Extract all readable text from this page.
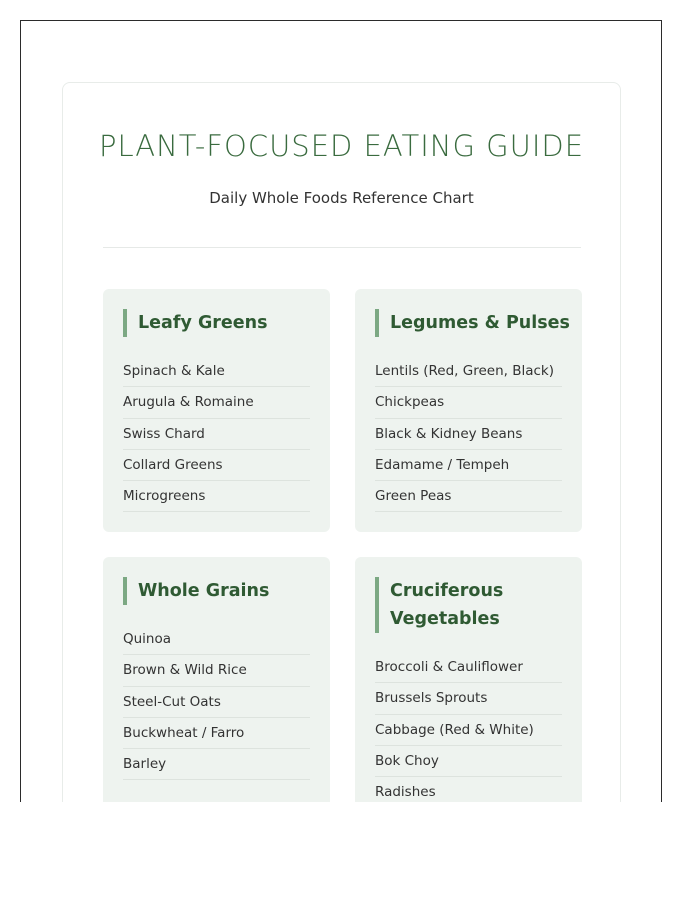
PLANT-FOCUSED EATING GUIDE
Daily Whole Foods Reference Chart
Leafy Greens
Spinach & Kale
Arugula & Romaine
Swiss Chard
Collard Greens
Microgreens
Legumes & Pulses
Lentils (Red, Green, Black)
Chickpeas
Black & Kidney Beans
Edamame / Tempeh
Green Peas
Whole Grains
Quinoa
Brown & Wild Rice
Steel-Cut Oats
Buckwheat / Farro
Barley
Cruciferous Vegetables
Broccoli & Cauliflower
Brussels Sprouts
Cabbage (Red & White)
Bok Choy
Radishes
